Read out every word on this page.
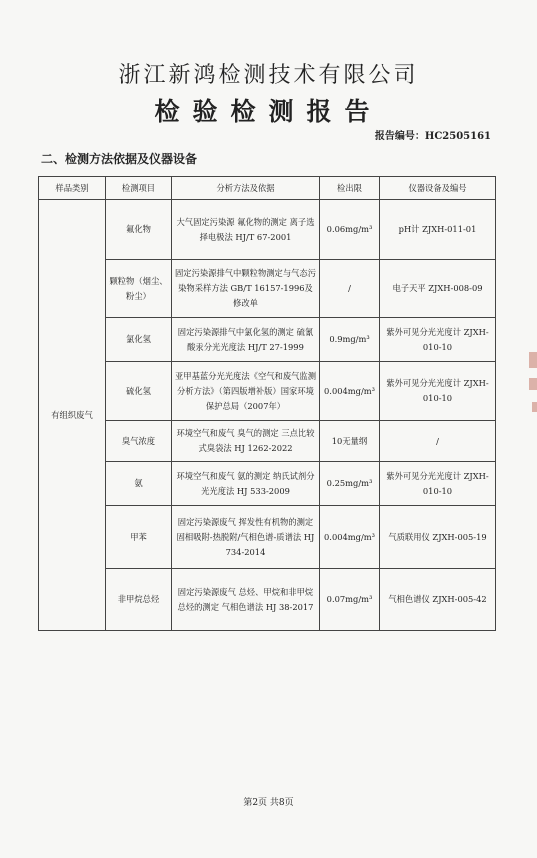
浙江新鸿检测技术有限公司
检验检测报告
报告编号：HC2505161
二、检测方法依据及仪器设备
样品类别	检测项目	分析方法及依据	检出限	仪器设备及编号
有组织废气	氟化物	大气固定污染源 氟化物的测定 离子选择电极法 HJ/T 67-2001	0.06mg/m³	pH计 ZJXH-011-01
	颗粒物（烟尘、粉尘）	固定污染源排气中颗粒物测定与气态污染物采样方法 GB/T 16157-1996及修改单	/	电子天平 ZJXH-008-09
	氯化氢	固定污染源排气中氯化氢的测定 硫氰酸汞分光光度法 HJ/T 27-1999	0.9mg/m³	紫外可见分光光度计 ZJXH-010-10
	硫化氢	亚甲基蓝分光光度法《空气和废气监测分析方法》（第四版增补版）国家环境保护总局（2007年）	0.004mg/m³	紫外可见分光光度计 ZJXH-010-10
	臭气浓度	环境空气和废气 臭气的测定 三点比较式臭袋法 HJ 1262-2022	10无量纲	/
	氨	环境空气和废气 氨的测定 纳氏试剂分光光度法 HJ 533-2009	0.25mg/m³	紫外可见分光光度计 ZJXH-010-10
	甲苯	固定污染源废气 挥发性有机物的测定 固相吸附-热脱附/气相色谱-质谱法 HJ 734-2014	0.004mg/m³	气质联用仪 ZJXH-005-19
	非甲烷总烃	固定污染源废气 总烃、甲烷和非甲烷总烃的测定 气相色谱法 HJ 38-2017	0.07mg/m³	气相色谱仪 ZJXH-005-42
第2页 共8页
